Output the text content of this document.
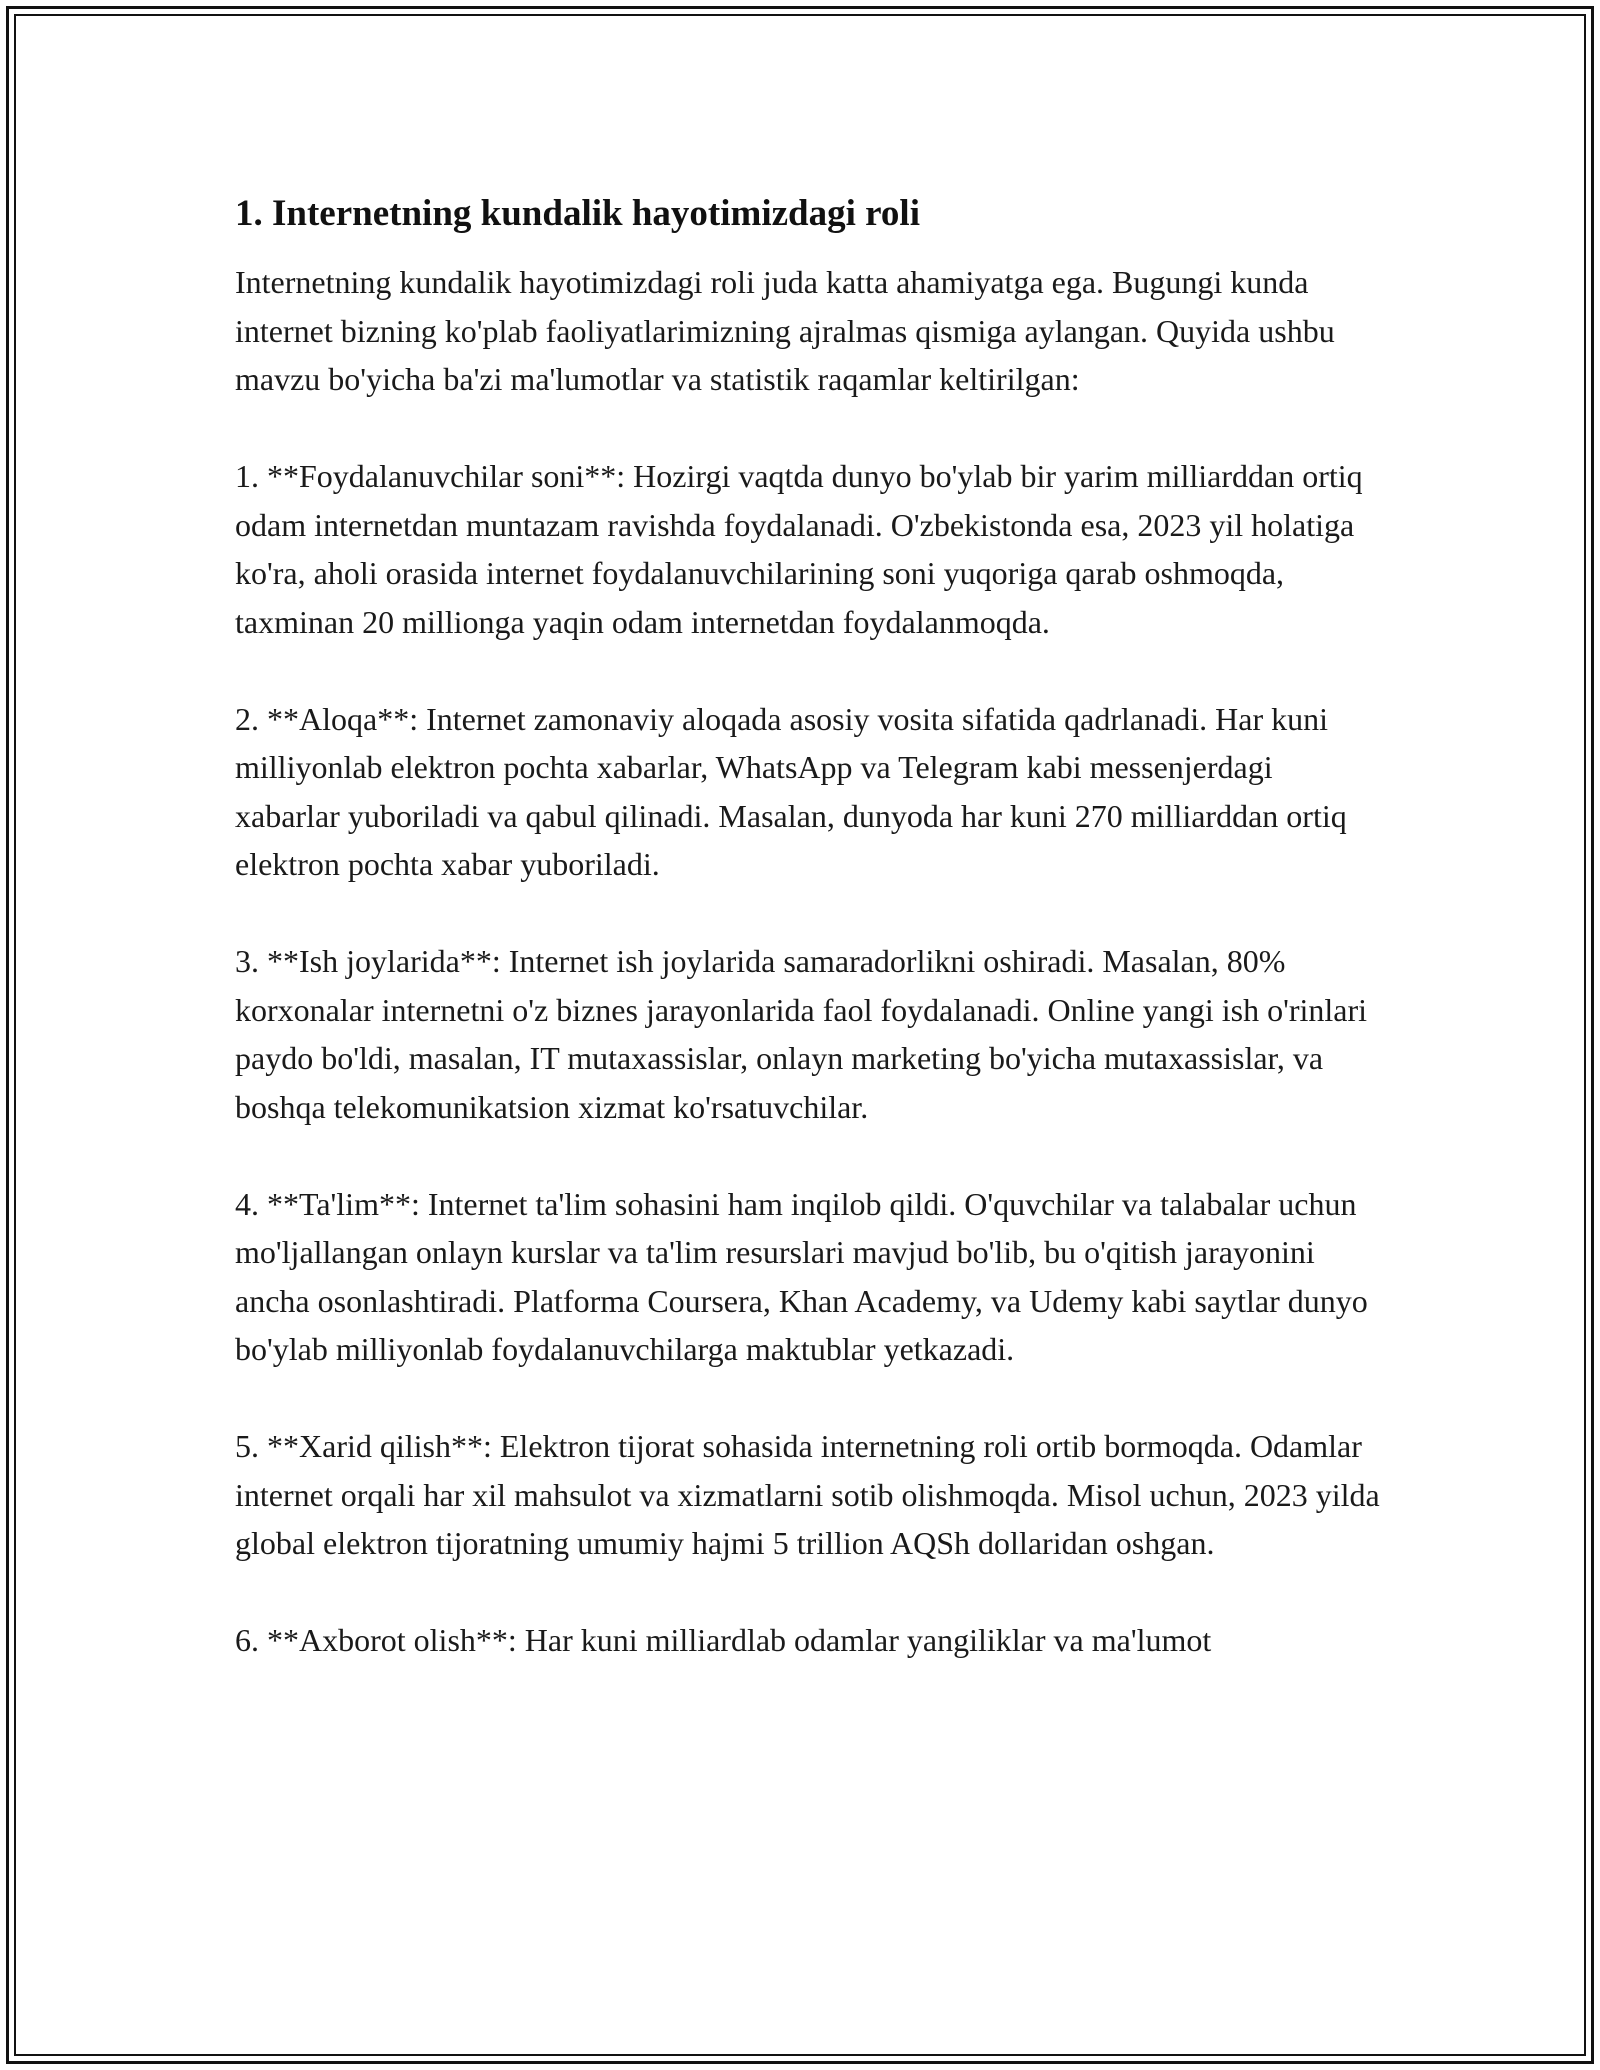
1. Internetning kundalik hayotimizdagi roli

Internetning kundalik hayotimizdagi roli juda katta ahamiyatga ega. Bugungi kunda internet bizning ko'plab faoliyatlarimizning ajralmas qismiga aylangan. Quyida ushbu mavzu bo'yicha ba'zi ma'lumotlar va statistik raqamlar keltirilgan:

1. **Foydalanuvchilar soni**: Hozirgi vaqtda dunyo bo'ylab bir yarim milliarddan ortiq odam internetdan muntazam ravishda foydalanadi. O'zbekistonda esa, 2023 yil holatiga ko'ra, aholi orasida internet foydalanuvchilarining soni yuqoriga qarab oshmoqda, taxminan 20 millionga yaqin odam internetdan foydalanmoqda.

2. **Aloqa**: Internet zamonaviy aloqada asosiy vosita sifatida qadrlanadi. Har kuni milliyonlab elektron pochta xabarlar, WhatsApp va Telegram kabi messenjerdagi xabarlar yuboriladi va qabul qilinadi. Masalan, dunyoda har kuni 270 milliarddan ortiq elektron pochta xabar yuboriladi.

3. **Ish joylarida**: Internet ish joylarida samaradorlikni oshiradi. Masalan, 80% korxonalar internetni o'z biznes jarayonlarida faol foydalanadi. Online yangi ish o'rinlari paydo bo'ldi, masalan, IT mutaxassislar, onlayn marketing bo'yicha mutaxassislar, va boshqa telekomunikatsion xizmat ko'rsatuvchilar.

4. **Ta'lim**: Internet ta'lim sohasini ham inqilob qildi. O'quvchilar va talabalar uchun mo'ljallangan onlayn kurslar va ta'lim resurslari mavjud bo'lib, bu o'qitish jarayonini ancha osonlashtiradi. Platforma Coursera, Khan Academy, va Udemy kabi saytlar dunyo bo'ylab milliyonlab foydalanuvchilarga maktublar yetkazadi.

5. **Xarid qilish**: Elektron tijorat sohasida internetning roli ortib bormoqda. Odamlar internet orqali har xil mahsulot va xizmatlarni sotib olishmoqda. Misol uchun, 2023 yilda global elektron tijoratning umumiy hajmi 5 trillion AQSh dollaridan oshgan.

6. **Axborot olish**: Har kuni milliardlab odamlar yangiliklar va ma'lumot
